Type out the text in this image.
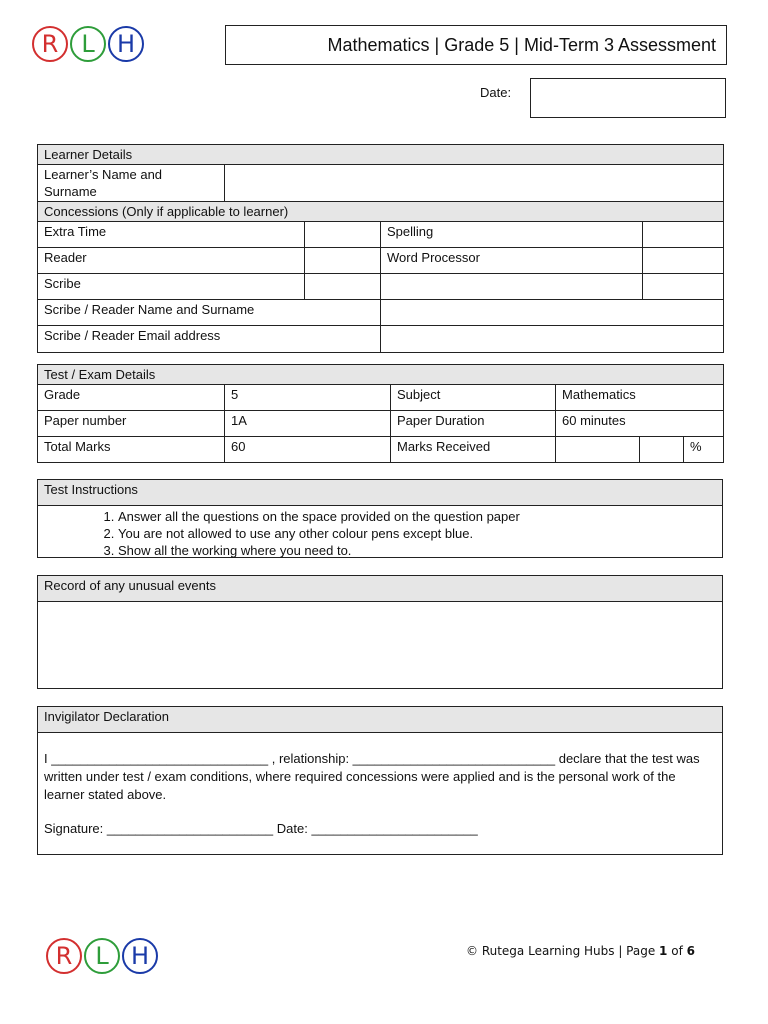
R L H	Mathematics | Grade 5 | Mid-Term 3 Assessment
Date:
Learner Details				
Learner’s Name and Surname				
Concessions (Only if applicable to learner)				
Extra Time			Spelling	
Reader			Word Processor	
Scribe				
Scribe / Reader Name and Surname				
Scribe / Reader Email address				
Test / Exam Details					
Grade	5	Subject	Mathematics		
Paper number	1A	Paper Duration	60 minutes		
Total Marks	60	Marks Received			%
Test Instructions
1. Answer all the questions on the space provided on the question paper
2. You are not allowed to use any other colour pens except blue.
3. Show all the working where you need to.
Record of any unusual events
Invigilator Declaration

I ______________________________ , relationship: ____________________________ declare that the test was written under test / exam conditions, where required concessions were applied and is the personal work of the learner stated above.

Signature: _______________________ Date: _______________________

R L H	© Rutega Learning Hubs | Page 1 of 6
